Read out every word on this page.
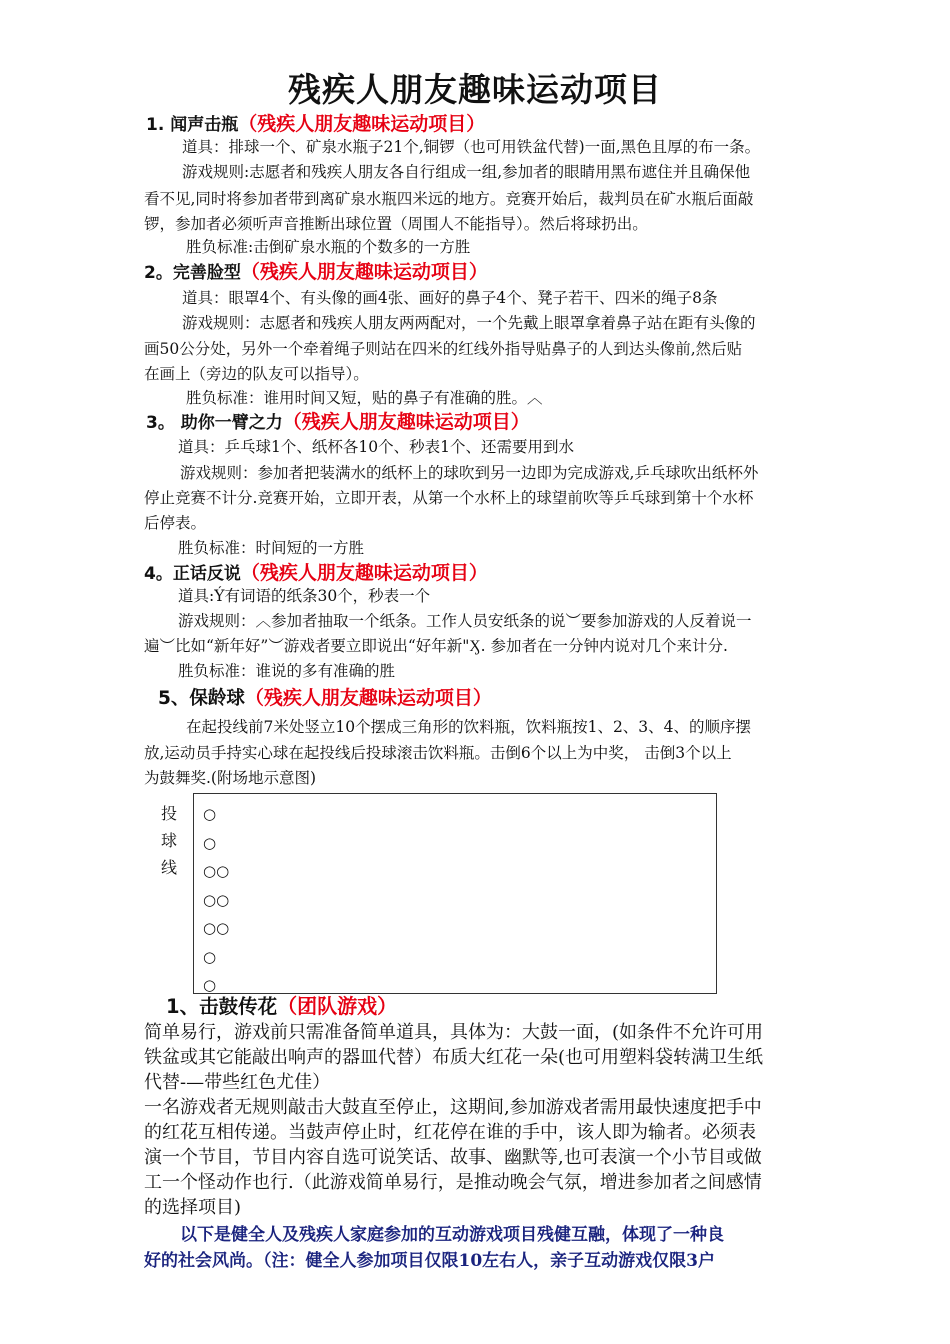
残疾人朋友趣味运动项目
1. 闻声击瓶（残疾人朋友趣味运动项目）
道具：排球一个、矿泉水瓶子21个,铜锣（也可用铁盆代替)一面,黑色且厚的布一条。
游戏规则:志愿者和残疾人朋友各自行组成一组,参加者的眼睛用黑布遮住并且确保他
看不见,同时将参加者带到离矿泉水瓶四米远的地方。竞赛开始后，裁判员在矿水瓶后面敲
锣，参加者必须听声音推断出球位置（周围人不能指导）。然后将球扔出。
胜负标准:击倒矿泉水瓶的个数多的一方胜
2。完善脸型（残疾人朋友趣味运动项目）
道具：眼罩4个、有头像的画4张、画好的鼻子4个、凳子若干、四米的绳子8条
游戏规则：志愿者和残疾人朋友两两配对，一个先戴上眼罩拿着鼻子站在距有头像的
画50公分处，另外一个牵着绳子则站在四米的红线外指导贴鼻子的人到达头像前,然后贴
在画上（旁边的队友可以指导）。
胜负标准：谁用时间又短，贴的鼻子有准确的胜。︿
3。 助你一臂之力（残疾人朋友趣味运动项目）
道具：乒乓球1个、纸杯各10个、秒表1个、还需要用到水
游戏规则：参加者把装满水的纸杯上的球吹到另一边即为完成游戏,乒乓球吹出纸杯外
停止竞赛不计分.竞赛开始，立即开表，从第一个水杯上的球望前吹等乒乓球到第十个水杯
后停表。
胜负标准：时间短的一方胜
4。正话反说（残疾人朋友趣味运动项目）
道具:Ý有词语的纸条30个，秒表一个
游戏规则：︿参加者抽取一个纸条。工作人员安纸条的说︶要参加游戏的人反着说一
遍︶比如“新年好”︶游戏者要立即说出“好年新"Ӽ. 参加者在一分钟内说对几个来计分.
胜负标准：谁说的多有准确的胜
5、保龄球（残疾人朋友趣味运动项目）
在起投线前7米处竖立10个摆成三角形的饮料瓶，饮料瓶按1、2、3、4、的顺序摆
放,运动员手持实心球在起投线后投球滚击饮料瓶。击倒6个以上为中奖， 击倒3个以上
为鼓舞奖.(附场地示意图)
投
球
线
○
○
○○
○○
○○
○
○
1、击鼓传花（团队游戏）
简单易行，游戏前只需准备简单道具，具体为：大鼓一面，(如条件不允许可用
铁盆或其它能敲出响声的器皿代替）布质大红花一朵(也可用塑料袋转满卫生纸
代替-—带些红色尤佳）
一名游戏者无规则敲击大鼓直至停止，这期间,参加游戏者需用最快速度把手中
的红花互相传递。当鼓声停止时，红花停在谁的手中，该人即为输者。必须表
演一个节目，节目内容自选可说笑话、故事、幽默等,也可表演一个小节目或做
工一个怪动作也行.（此游戏简单易行，是推动晚会气氛，增进参加者之间感情
的选择项目)
以下是健全人及残疾人家庭参加的互动游戏项目残健互融，体现了一种良
好的社会风尚。（注：健全人参加项目仅限10左右人，亲子互动游戏仅限3户
